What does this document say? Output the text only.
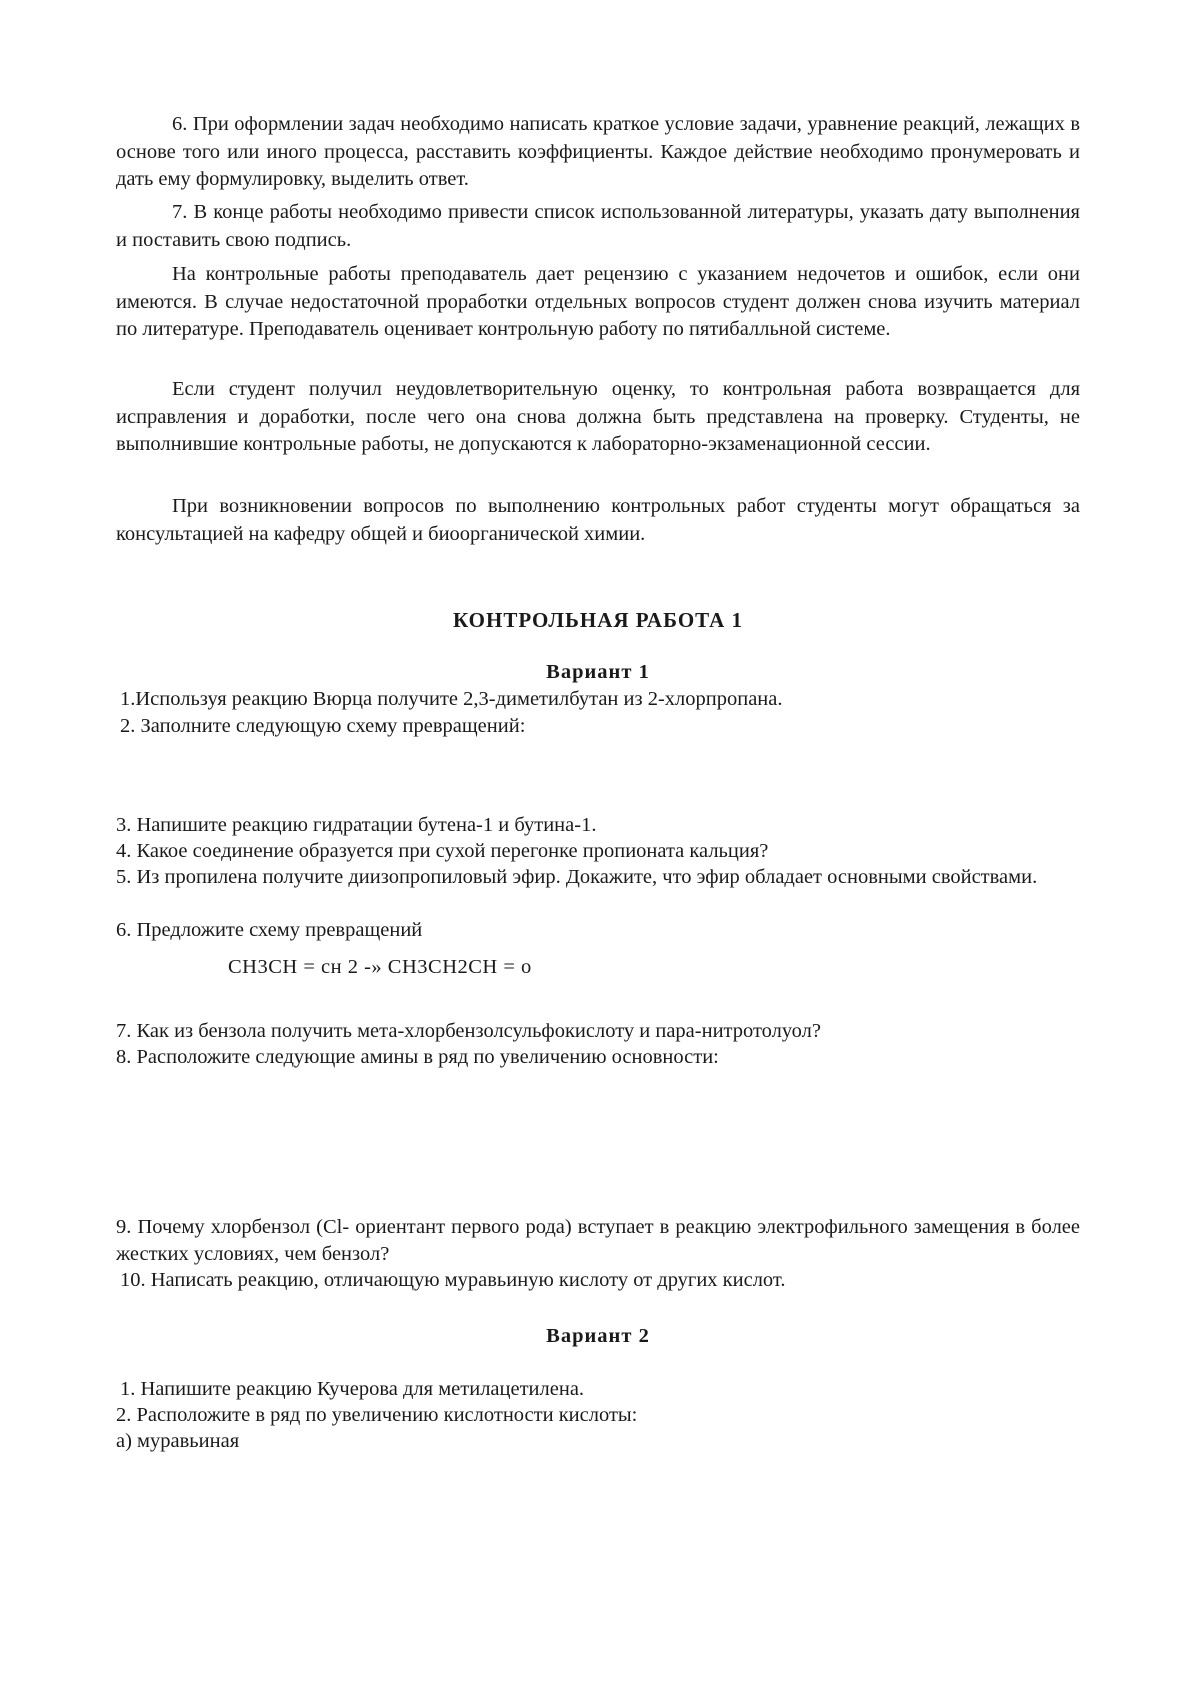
6. При оформлении задач необходимо написать краткое условие задачи, уравнение реакций, лежащих в основе того или иного процесса, расставить коэффициенты. Каждое действие необходимо пронумеровать и дать ему формулировку, выделить ответ.

7. В конце работы необходимо привести список использованной литературы, указать дату выполнения и поставить свою подпись.

На контрольные работы преподаватель дает рецензию с указанием недочетов и ошибок, если они имеются. В случае недостаточной проработки отдельных вопросов студент должен снова изучить материал по литературе. Преподаватель оценивает контрольную работу по пятибалльной системе.

Если студент получил неудовлетворительную оценку, то контрольная работа возвращается для исправления и доработки, после чего она снова должна быть представлена на проверку. Студенты, не выполнившие контрольные работы, не допускаются к лабораторно-экзаменационной сессии.

При возникновении вопросов по выполнению контрольных работ студенты могут обращаться за консультацией на кафедру общей и биоорганической химии.

КОНТРОЛЬНАЯ РАБОТА 1
Вариант 1

1.Используя реакцию Вюрца получите 2,3-диметилбутан из 2-хлорпропана.

2. Заполните следующую схему превращений:

3. Напишите реакцию гидратации бутена-1 и бутина-1.

4. Какое соединение образуется при сухой перегонке пропионата кальция?

5. Из пропилена получите диизопропиловый эфир. Докажите, что эфир обладает основными свойствами.

6. Предложите схему превращений

CH3CH = сн 2 -» CH3CH2CH = о

7. Как из бензола получить мета-хлорбензолсульфокислоту и пара-нитротолуол?

8. Расположите следующие амины в ряд по увеличению основности:

9. Почему хлорбензол (Cl- ориентант первого рода) вступает в реакцию электрофильного замещения в более жестких условиях, чем бензол?

10. Написать реакцию, отличающую муравьиную кислоту от других кислот.

Вариант 2

1. Напишите реакцию Кучерова для метилацетилена.

2. Расположите в ряд по увеличению кислотности кислоты:

а) муравьиная
